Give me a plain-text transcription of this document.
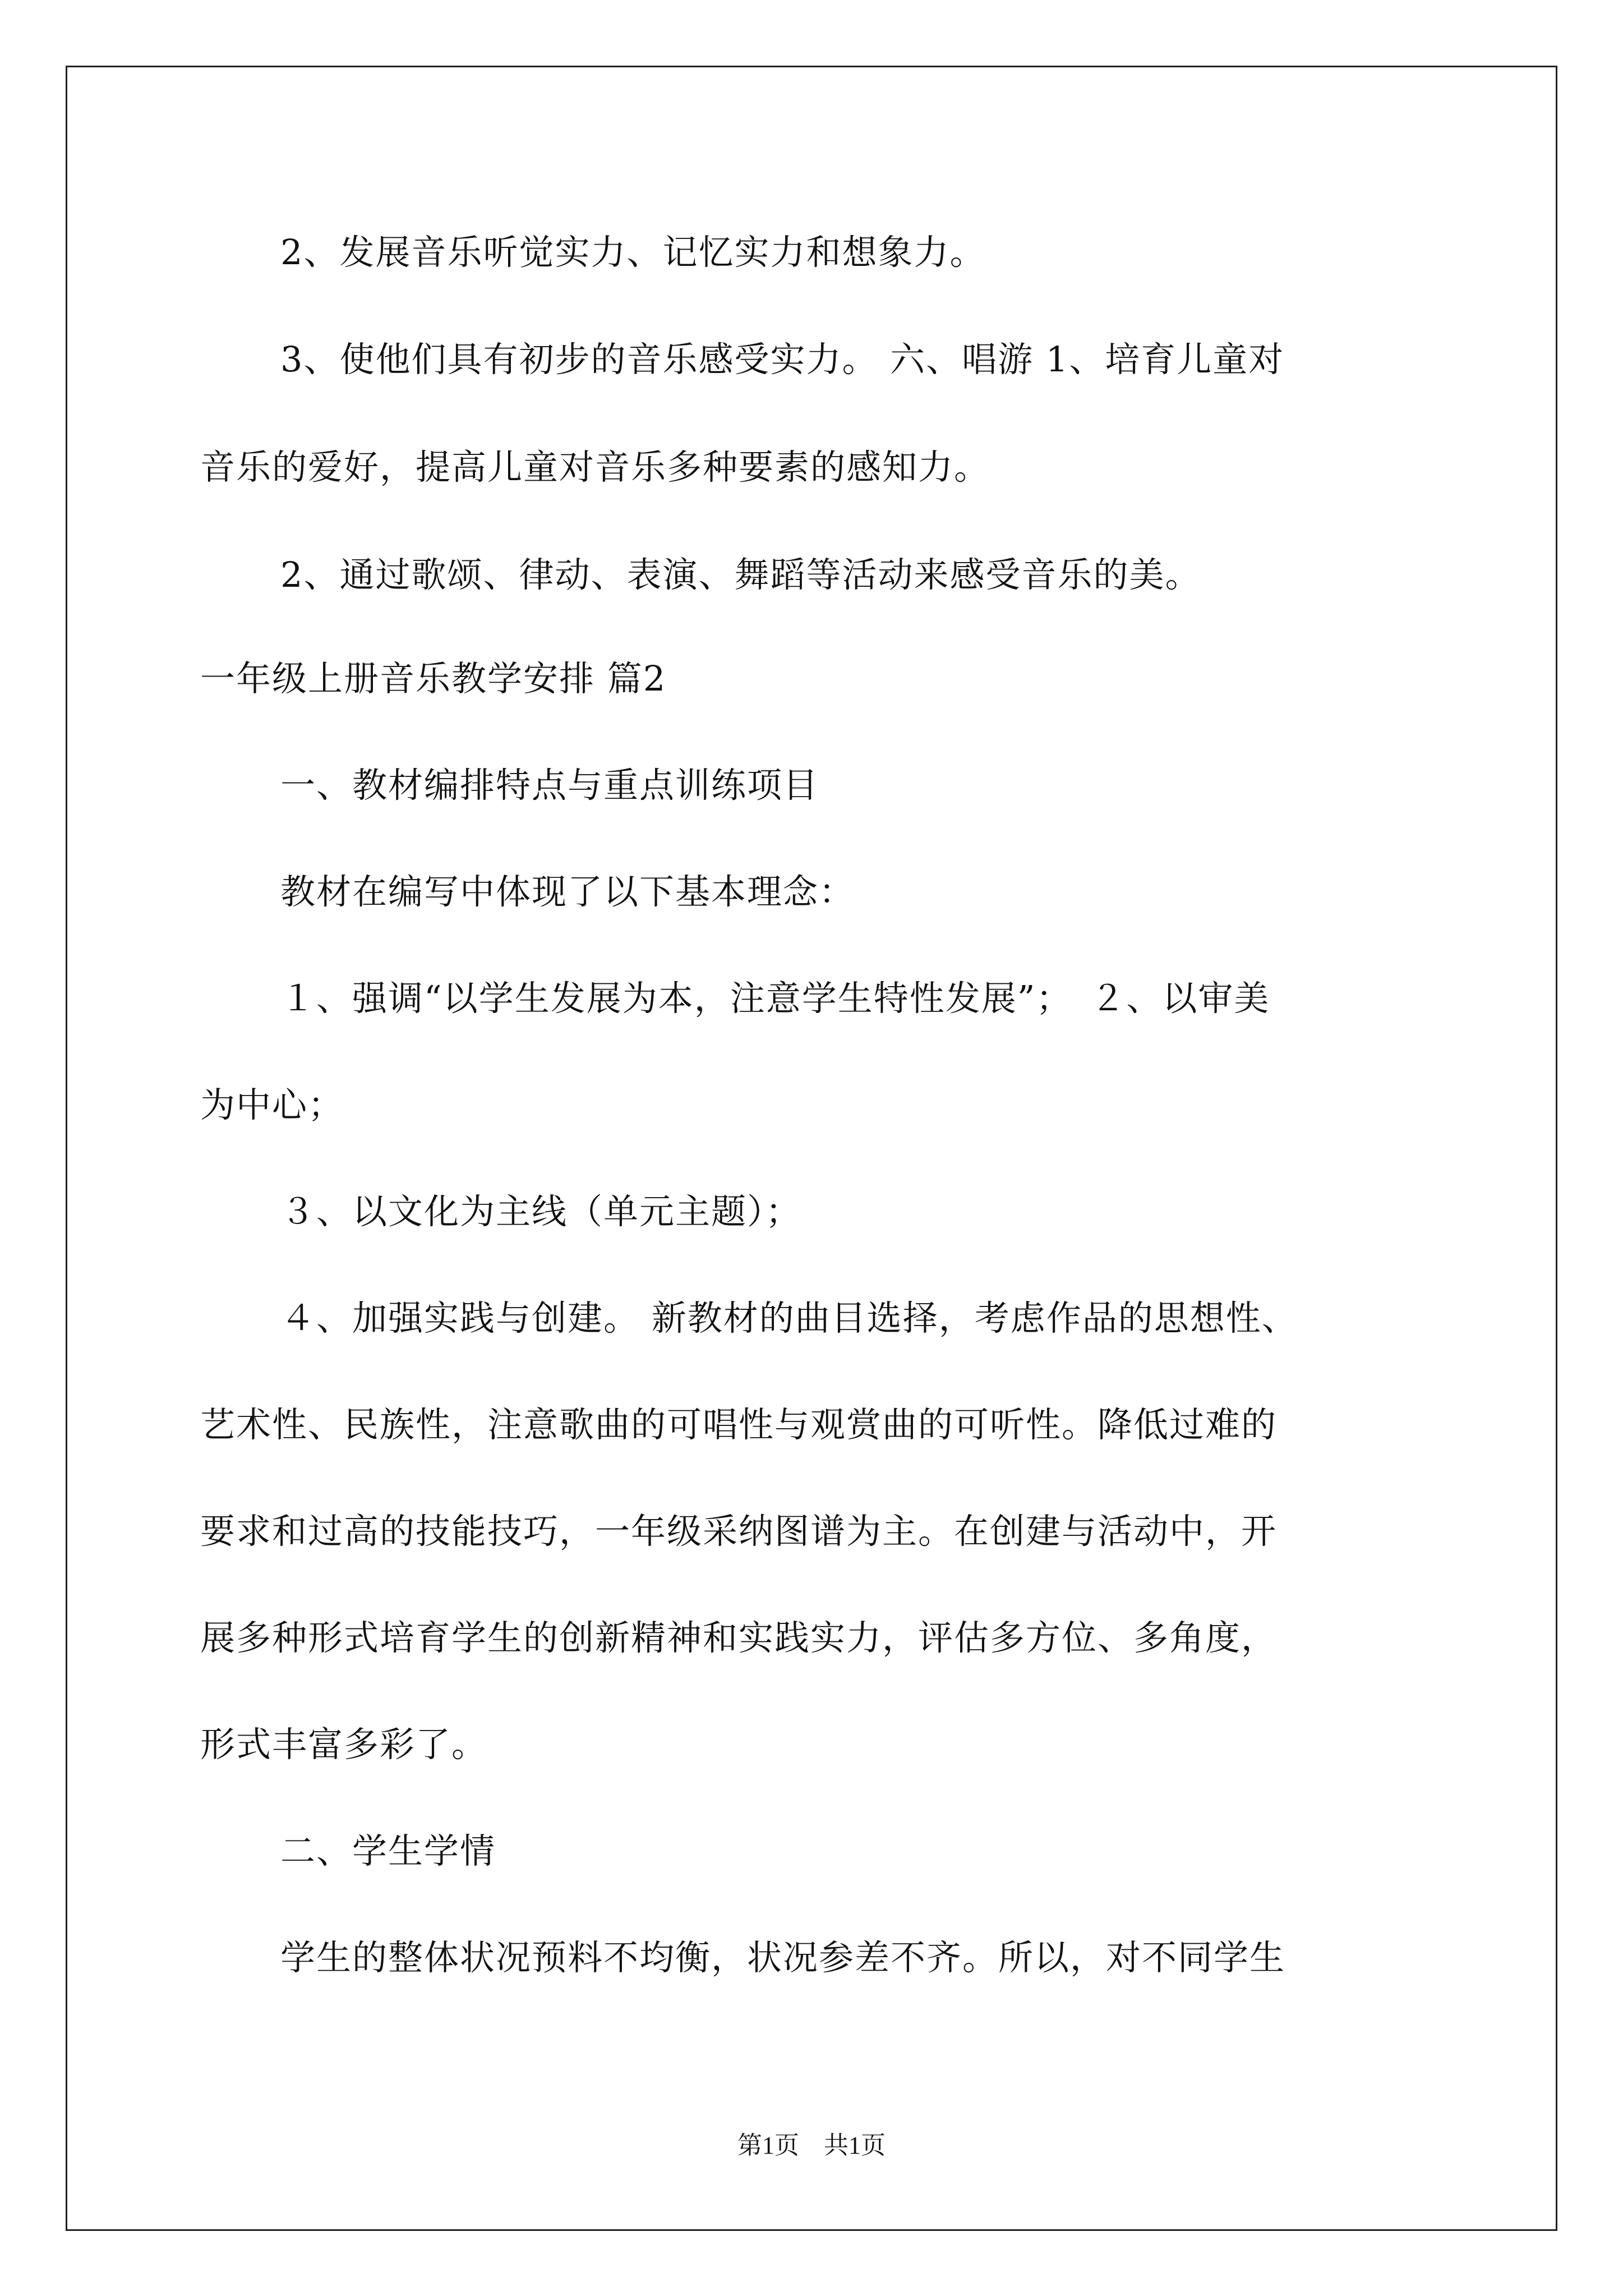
2、发展音乐听觉实力、记忆实力和想象力。
3、使他们具有初步的音乐感受实力。 六、唱游 1、培育儿童对
音乐的爱好，提高儿童对音乐多种要素的感知力。
2、通过歌颂、律动、表演、舞蹈等活动来感受音乐的美。
一年级上册音乐教学安排 篇2
一、教材编排特点与重点训练项目
教材在编写中体现了以下基本理念：
１、强调“以学生发展为本，注意学生特性发展”；　２、以审美
为中心；
３、以文化为主线（单元主题）；
４、加强实践与创建。 新教材的曲目选择，考虑作品的思想性、
艺术性、民族性，注意歌曲的可唱性与观赏曲的可听性。降低过难的
要求和过高的技能技巧，一年级采纳图谱为主。在创建与活动中，开
展多种形式培育学生的创新精神和实践实力，评估多方位、多角度，
形式丰富多彩了。
二、学生学情
学生的整体状况预料不均衡，状况参差不齐。所以，对不同学生
第1页　共1页
